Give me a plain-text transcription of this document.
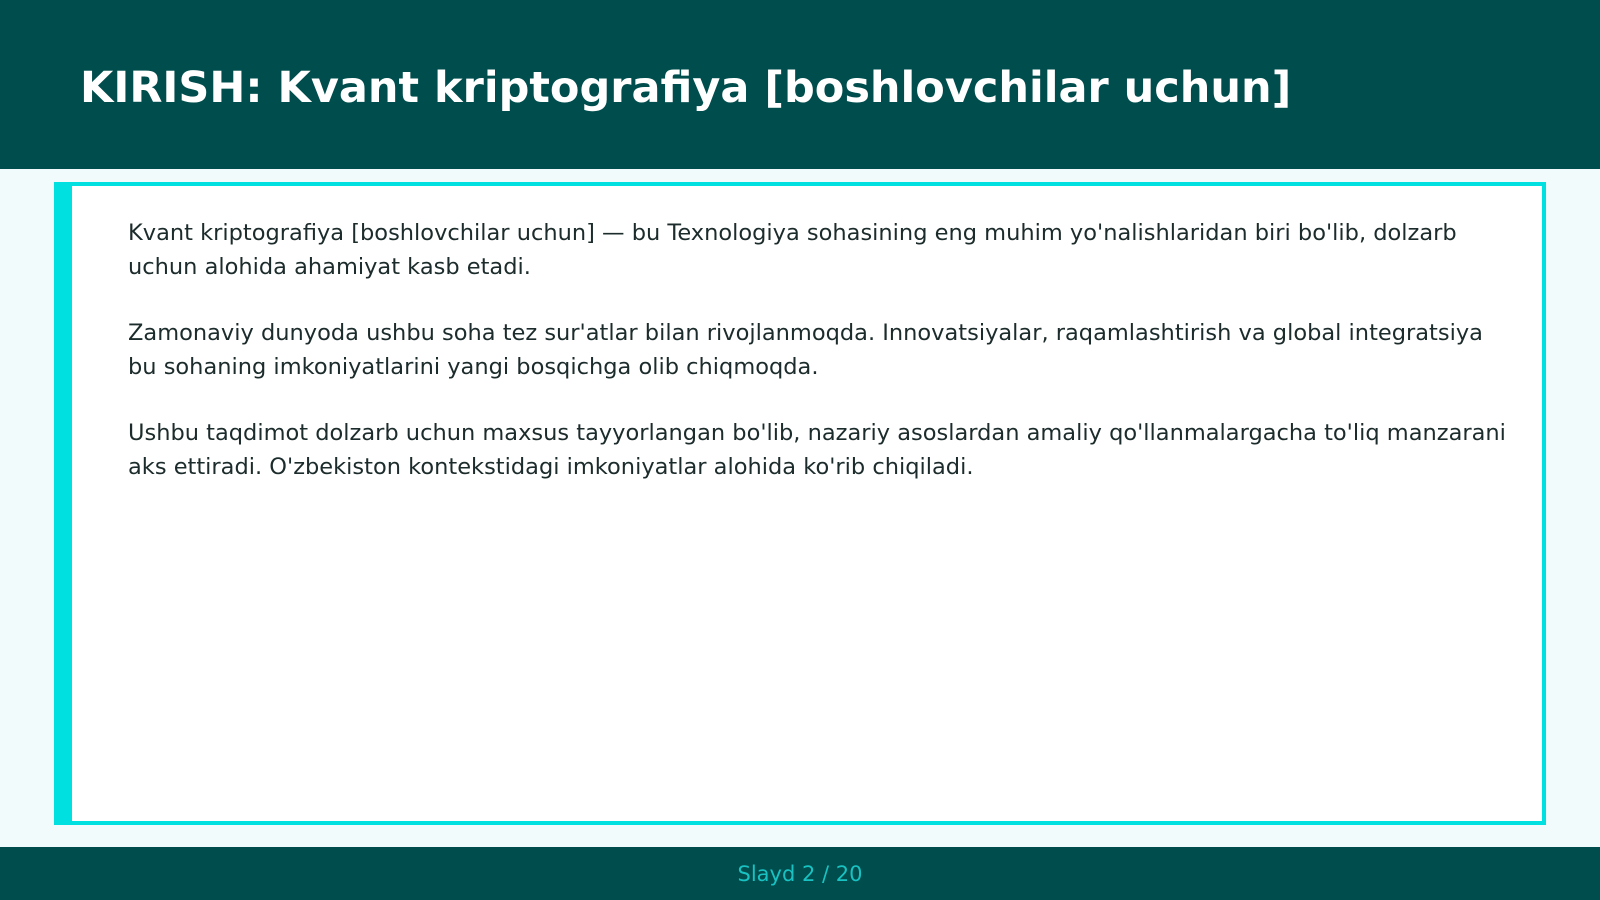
KIRISH: Kvant kriptografiya [boshlovchilar uchun]

Kvant kriptografiya [boshlovchilar uchun] — bu Texnologiya sohasining eng muhim yo'nalishlaridan biri bo'lib, dolzarb uchun alohida ahamiyat kasb etadi.

Zamonaviy dunyoda ushbu soha tez sur'atlar bilan rivojlanmoqda. Innovatsiyalar, raqamlashtirish va global integratsiya bu sohaning imkoniyatlarini yangi bosqichga olib chiqmoqda.

Ushbu taqdimot dolzarb uchun maxsus tayyorlangan bo'lib, nazariy asoslardan amaliy qo'llanmalargacha to'liq manzarani aks ettiradi. O'zbekiston kontekstidagi imkoniyatlar alohida ko'rib chiqiladi.

Slayd 2 / 20
